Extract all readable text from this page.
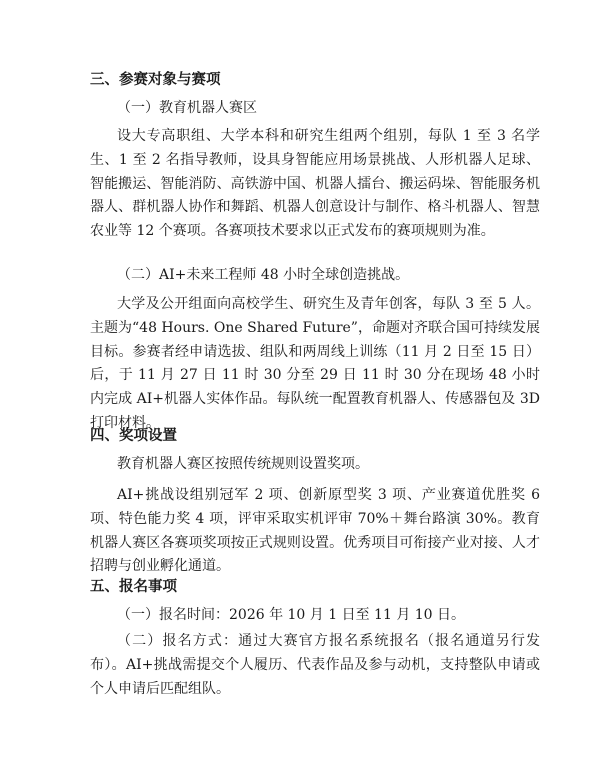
三、参赛对象与赛项
（一）教育机器人赛区

设大专高职组、大学本科和研究生组两个组别，每队 1 至 3 名学生、1 至 2 名指导教师，设具身智能应用场景挑战、人形机器人足球、智能搬运、智能消防、高铁游中国、机器人擂台、搬运码垛、智能服务机器人、群机器人协作和舞蹈、机器人创意设计与制作、格斗机器人、智慧农业等 12 个赛项。各赛项技术要求以正式发布的赛项规则为准。

（二）AI+未来工程师 48 小时全球创造挑战。

大学及公开组面向高校学生、研究生及青年创客，每队 3 至 5 人。主题为“48 Hours. One Shared Future”，命题对齐联合国可持续发展目标。参赛者经申请选拔、组队和两周线上训练（11 月 2 日至 15 日）后，于 11 月 27 日 11 时 30 分至 29 日 11 时 30 分在现场 48 小时内完成 AI+机器人实体作品。每队统一配置教育机器人、传感器包及 3D 打印材料。

四、奖项设置

教育机器人赛区按照传统规则设置奖项。

AI+挑战设组别冠军 2 项、创新原型奖 3 项、产业赛道优胜奖 6 项、特色能力奖 4 项，评审采取实机评审 70%＋舞台路演 30%。教育机器人赛区各赛项奖项按正式规则设置。优秀项目可衔接产业对接、人才招聘与创业孵化通道。

五、报名事项
（一）报名时间：2026 年 10 月 1 日至 11 月 10 日。

（二）报名方式：通过大赛官方报名系统报名（报名通道另行发布）。AI+挑战需提交个人履历、代表作品及参与动机，支持整队申请或个人申请后匹配组队。
